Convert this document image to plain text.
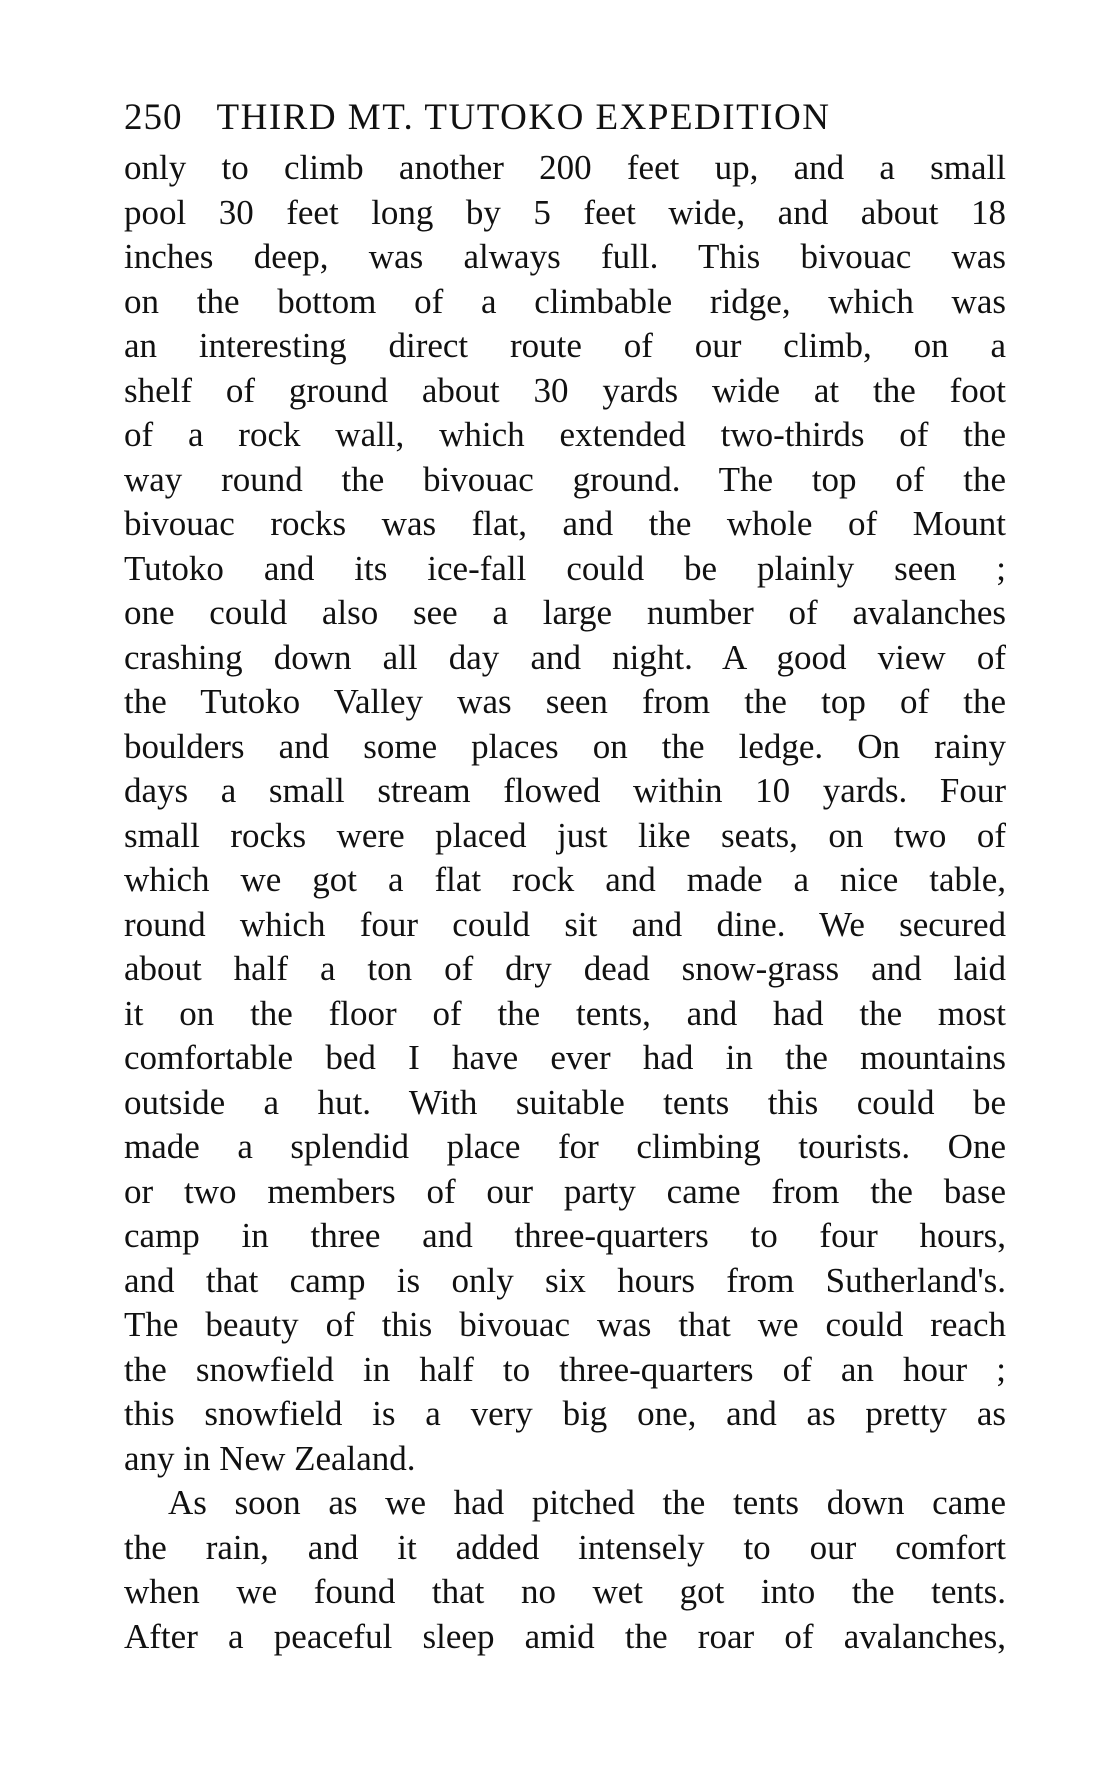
250 THIRD MT. TUTOKO EXPEDITION
only to climb another 200 feet up, and a small
pool 30 feet long by 5 feet wide, and about 18
inches deep, was always full. This bivouac was
on the bottom of a climbable ridge, which was
an interesting direct route of our climb, on a
shelf of ground about 30 yards wide at the foot
of a rock wall, which extended two-thirds of the
way round the bivouac ground. The top of the
bivouac rocks was flat, and the whole of Mount
Tutoko and its ice-fall could be plainly seen ;
one could also see a large number of avalanches
crashing down all day and night. A good view of
the Tutoko Valley was seen from the top of the
boulders and some places on the ledge. On rainy
days a small stream flowed within 10 yards. Four
small rocks were placed just like seats, on two of
which we got a flat rock and made a nice table,
round which four could sit and dine. We secured
about half a ton of dry dead snow-grass and laid
it on the floor of the tents, and had the most
comfortable bed I have ever had in the mountains
outside a hut. With suitable tents this could be
made a splendid place for climbing tourists. One
or two members of our party came from the base
camp in three and three-quarters to four hours,
and that camp is only six hours from Sutherland's.
The beauty of this bivouac was that we could reach
the snowfield in half to three-quarters of an hour ;
this snowfield is a very big one, and as pretty as
any in New Zealand.
As soon as we had pitched the tents down came
the rain, and it added intensely to our comfort
when we found that no wet got into the tents.
After a peaceful sleep amid the roar of avalanches,
